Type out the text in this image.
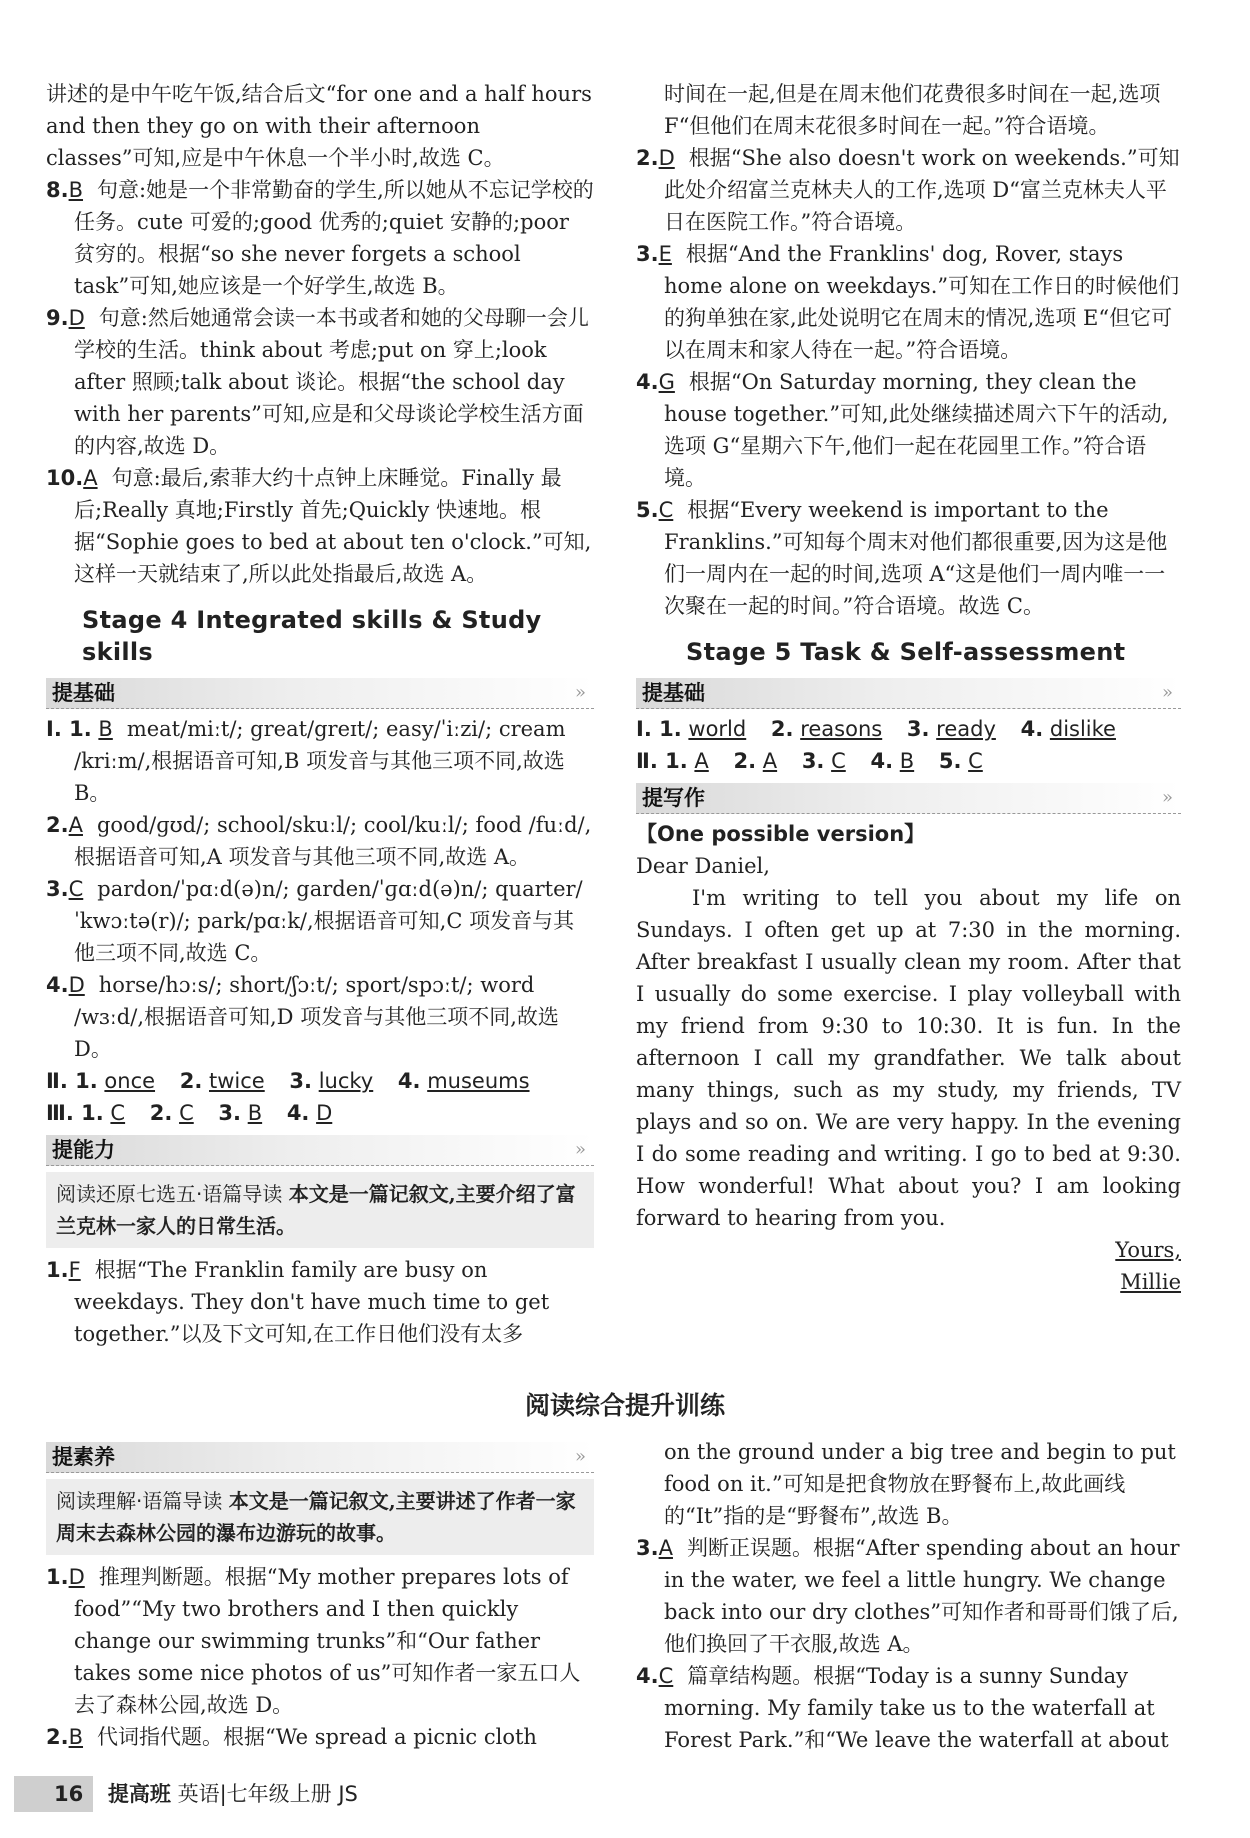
讲述的是中午吃午饭,结合后文“for one and a half hours and then they go on with their afternoon classes”可知,应是中午休息一个半小时,故选 C。

8.B 句意:她是一个非常勤奋的学生,所以她从不忘记学校的任务。cute 可爱的;good 优秀的;quiet 安静的;poor 贫穷的。根据“so she never forgets a school task”可知,她应该是一个好学生,故选 B。

9.D 句意:然后她通常会读一本书或者和她的父母聊一会儿学校的生活。think about 考虑;put on 穿上;look after 照顾;talk about 谈论。根据“the school day with her parents”可知,应是和父母谈论学校生活方面的内容,故选 D。

10.A 句意:最后,索菲大约十点钟上床睡觉。Finally 最后;Really 真地;Firstly 首先;Quickly 快速地。根据“Sophie goes to bed at about ten o'clock.”可知,这样一天就结束了,所以此处指最后,故选 A。

Stage 4 Integrated skills & Study skills
提基础	»

Ⅰ. 1. B meat/miːt/; great/greɪt/; easy/ˈiːzi/; cream /kriːm/,根据语音可知,B 项发音与其他三项不同,故选 B。

2.A good/ɡʊd/; school/skuːl/; cool/kuːl/; food /fuːd/,根据语音可知,A 项发音与其他三项不同,故选 A。

3.C pardon/ˈpɑːd(ə)n/; garden/ˈɡɑːd(ə)n/; quarter/ˈkwɔːtə(r)/; park/pɑːk/,根据语音可知,C 项发音与其他三项不同,故选 C。

4.D horse/hɔːs/; short/ʃɔːt/; sport/spɔːt/; word /wɜːd/,根据语音可知,D 项发音与其他三项不同,故选 D。

Ⅱ. 1. once 2. twice 3. lucky 4. museums

Ⅲ. 1. C 2. C 3. B 4. D

提能力	»
阅读还原七选五·语篇导读 本文是一篇记叙文,主要介绍了富兰克林一家人的日常生活。

1.F 根据“The Franklin family are busy on weekdays. They don't have much time to get together.”以及下文可知,在工作日他们没有太多

时间在一起,但是在周末他们花费很多时间在一起,选项 F“但他们在周末花很多时间在一起。”符合语境。

2.D 根据“She also doesn't work on weekends.”可知此处介绍富兰克林夫人的工作,选项 D“富兰克林夫人平日在医院工作。”符合语境。

3.E 根据“And the Franklins' dog, Rover, stays home alone on weekdays.”可知在工作日的时候他们的狗单独在家,此处说明它在周末的情况,选项 E“但它可以在周末和家人待在一起。”符合语境。

4.G 根据“On Saturday morning, they clean the house together.”可知,此处继续描述周六下午的活动,选项 G“星期六下午,他们一起在花园里工作。”符合语境。

5.C 根据“Every weekend is important to the Franklins.”可知每个周末对他们都很重要,因为这是他们一周内在一起的时间,选项 A“这是他们一周内唯一一次聚在一起的时间。”符合语境。故选 C。

Stage 5 Task & Self-assessment
提基础	»

Ⅰ. 1. world 2. reasons 3. ready 4. dislike

Ⅱ. 1. A 2. A 3. C 4. B 5. C

提写作	»

【One possible version】

Dear Daniel,

I'm writing to tell you about my life on Sundays. I often get up at 7:30 in the morning. After breakfast I usually clean my room. After that I usually do some exercise. I play volleyball with my friend from 9:30 to 10:30. It is fun. In the afternoon I call my grandfather. We talk about many things, such as my study, my friends, TV plays and so on. We are very happy. In the evening I do some reading and writing. I go to bed at 9:30. How wonderful! What about you? I am looking forward to hearing from you.

Yours,

Millie

阅读综合提升训练
提素养	»
阅读理解·语篇导读 本文是一篇记叙文,主要讲述了作者一家周末去森林公园的瀑布边游玩的故事。

1.D 推理判断题。根据“My mother prepares lots of food”“My two brothers and I then quickly change our swimming trunks”和“Our father takes some nice photos of us”可知作者一家五口人去了森林公园,故选 D。

2.B 代词指代题。根据“We spread a picnic cloth

on the ground under a big tree and begin to put food on it.”可知是把食物放在野餐布上,故此画线的“It”指的是“野餐布”,故选 B。

3.A 判断正误题。根据“After spending about an hour in the water, we feel a little hungry. We change back into our dry clothes”可知作者和哥哥们饿了后,他们换回了干衣服,故选 A。

4.C 篇章结构题。根据“Today is a sunny Sunday morning. My family take us to the waterfall at Forest Park.”和“We leave the waterfall at about

16 提高班 英语|七年级上册 JS
